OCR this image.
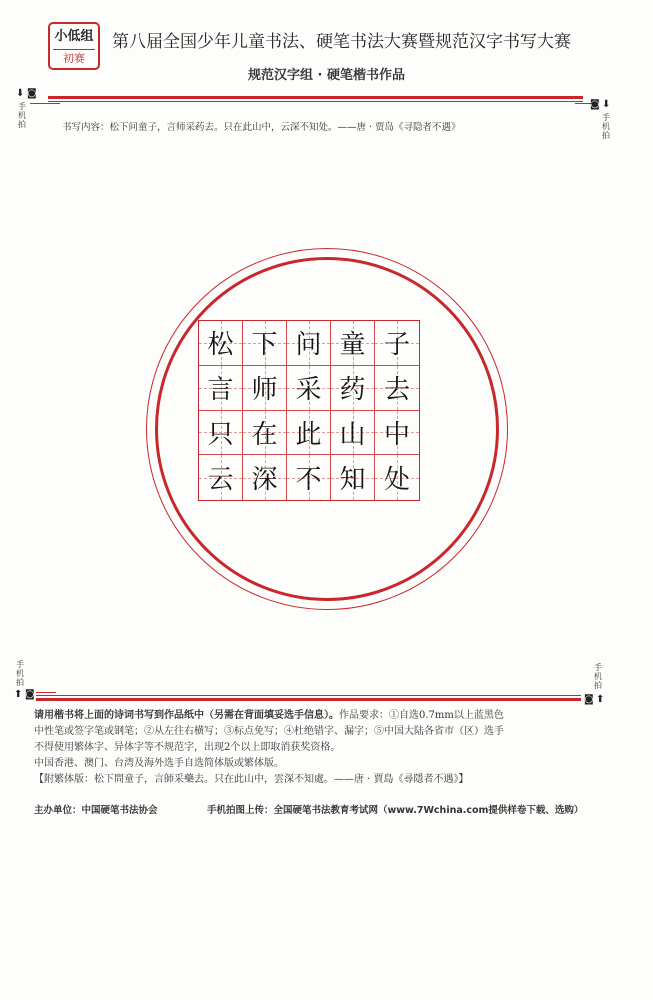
小低组
初赛
第八届全国少年儿童书法、硬笔书法大赛暨规范汉字书写大赛
规范汉字组 · 硬笔楷书作品
⬇ ◙
手机拍
◙ ⬇
手机拍
书写内容：松下问童子，言师采药去。只在此山中，云深不知处。——唐 · 贾岛《寻隐者不遇》
松 下 问 童 子
言 师 采 药 去
只 在 此 山 中
云 深 不 知 处
手机拍
⬆ ◙
手机拍
◙ ⬆
请用楷书将上面的诗词书写到作品纸中（另需在背面填妥选手信息）。作品要求：①自选0.7mm以上蓝黑色
中性笔或签字笔或钢笔；②从左往右横写；③标点免写；④杜绝错字、漏字；⑤中国大陆各省市（区）选手
不得使用繁体字、异体字等不规范字，出现2个以上即取消获奖资格。
中国香港、澳门、台湾及海外选手自选简体版或繁体版。
【附繁体版：松下問童子，言師采藥去。只在此山中，雲深不知處。——唐 · 賈島《尋隱者不遇》】
主办单位：中国硬笔书法协会	手机拍图上传：全国硬笔书法教育考试网（www.7Wchina.com提供样卷下载、选购）
